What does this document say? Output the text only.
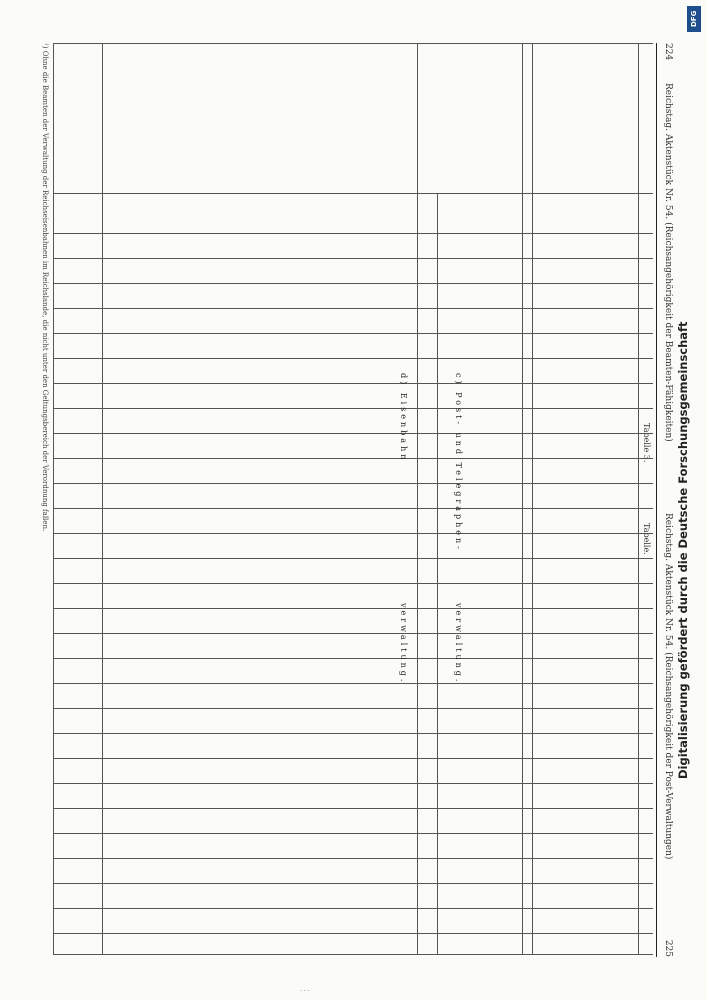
224
Reichstag. Aktenstück Nr. 54. (Reichsangehörigkeit der Beamten-Fähigkeiten)
Reichstag. Aktenstück Nr. 54. (Reichsangehörigkeit der Post-Verwaltungen)
225
Tabelle 3.
Tabelle.
c) Post- und Telegraphen-
verwaltung.
d) Eisenbahn
verwaltung.
¹) Ohne die Beamten der Verwaltung der Reichseisenbahnen im Reichslande, die nicht unter den Geltungsbereich der Verordnung fallen.
DFG
Digitalisierung gefördert durch die Deutsche Forschungsgemeinschaft
· · ·
